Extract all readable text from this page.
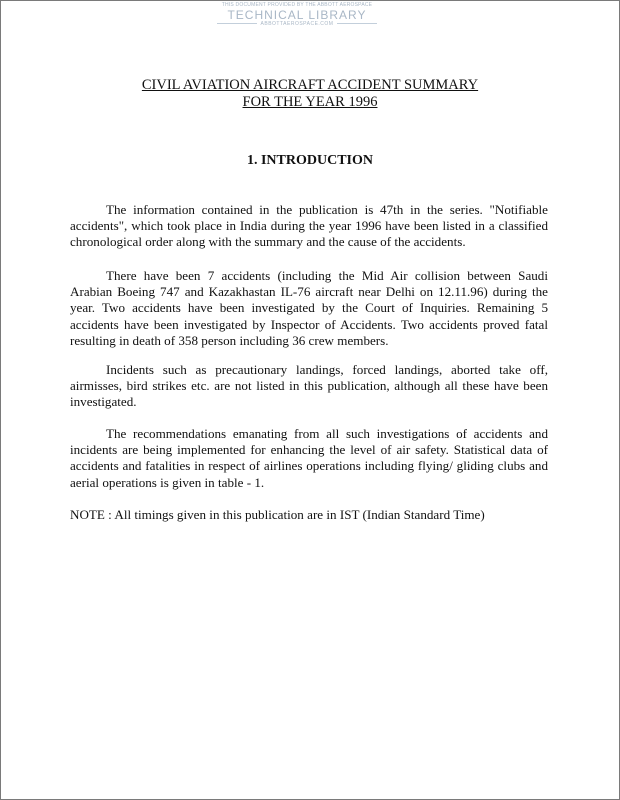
THIS DOCUMENT PROVIDED BY THE ABBOTT AEROSPACE
TECHNICAL LIBRARY
ABBOTTAEROSPACE.COM
CIVIL AVIATION AIRCRAFT ACCIDENT SUMMARY
FOR THE YEAR 1996
1. INTRODUCTION

The information contained in the publication is 47th in the series. "Notifiable accidents", which took place in India during the year 1996 have been listed in a classified chronological order along with the summary and the cause of the accidents.

There have been 7 accidents (including the Mid Air collision between Saudi Arabian Boeing 747 and Kazakhastan IL-76 aircraft near Delhi on 12.11.96) during the year. Two accidents have been investigated by the Court of Inquiries. Remaining 5 accidents have been investigated by Inspector of Accidents. Two accidents proved fatal resulting in death of 358 person including 36 crew members.

Incidents such as precautionary landings, forced landings, aborted take off, airmisses, bird strikes etc. are not listed in this publication, although all these have been investigated.

The recommendations emanating from all such investigations of accidents and incidents are being implemented for enhancing the level of air safety. Statistical data of accidents and fatalities in respect of airlines operations including flying/ gliding clubs and aerial operations is given in table - 1.

NOTE : All timings given in this publication are in IST (Indian Standard Time)
